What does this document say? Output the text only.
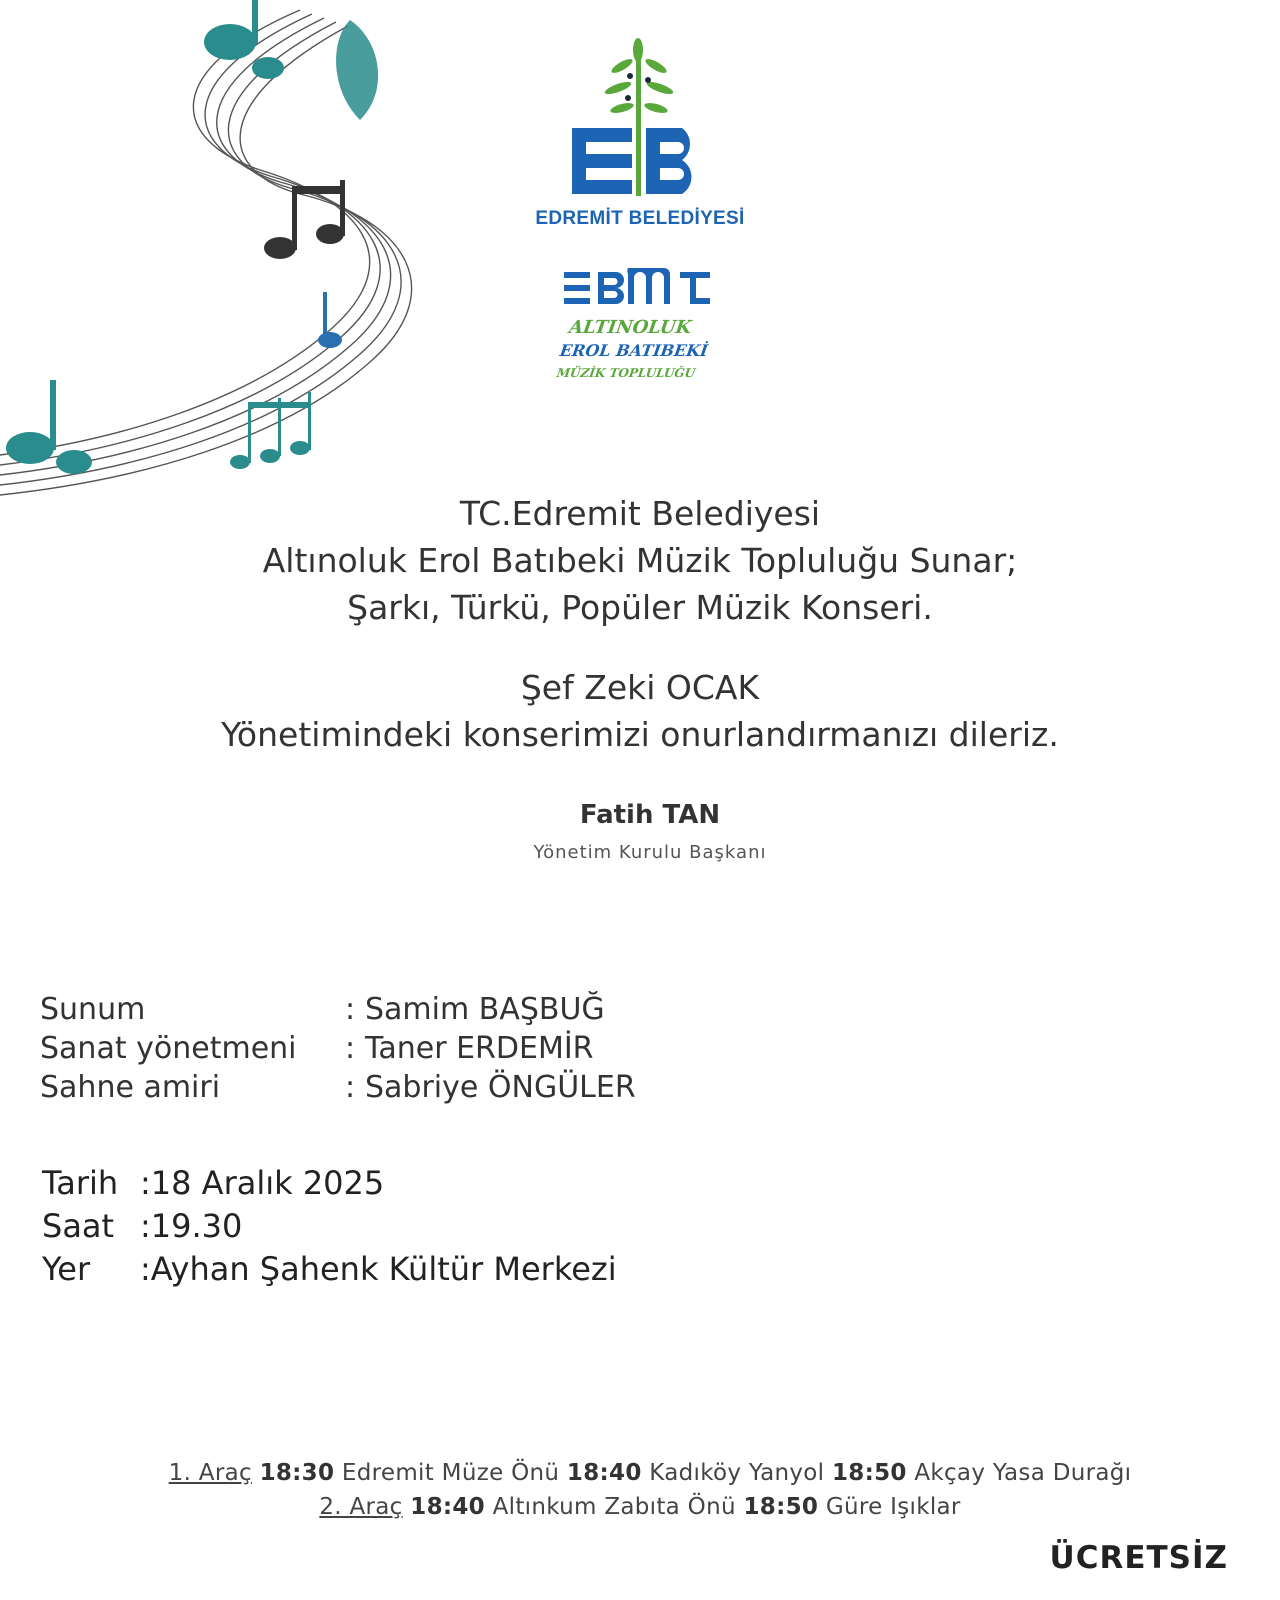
EDREMİT BELEDİYESİ
ALTINOLUK
EROL BATIBEKİ
MÜZİK TOPLULUĞU
TC.Edremit Belediyesi
Altınoluk Erol Batıbeki Müzik Topluluğu Sunar;
Şarkı, Türkü, Popüler Müzik Konseri.
Şef Zeki OCAK
Yönetimindeki konserimizi onurlandırmanızı dileriz.
Fatih TAN
Yönetim Kurulu Başkanı
Sunum	: Samim BAŞBUĞ
Sanat yönetmeni	: Taner ERDEMİR
Sahne amiri	: Sabriye ÖNGÜLER
Tarih :18 Aralık 2025
Saat :19.30
Yer	:Ayhan Şahenk Kültür Merkezi
1. Araç 18:30 Edremit Müze Önü 18:40 Kadıköy Yanyol 18:50 Akçay Yasa Durağı
2. Araç 18:40 Altınkum Zabıta Önü 18:50 Güre Işıklar
ÜCRETSİZ
